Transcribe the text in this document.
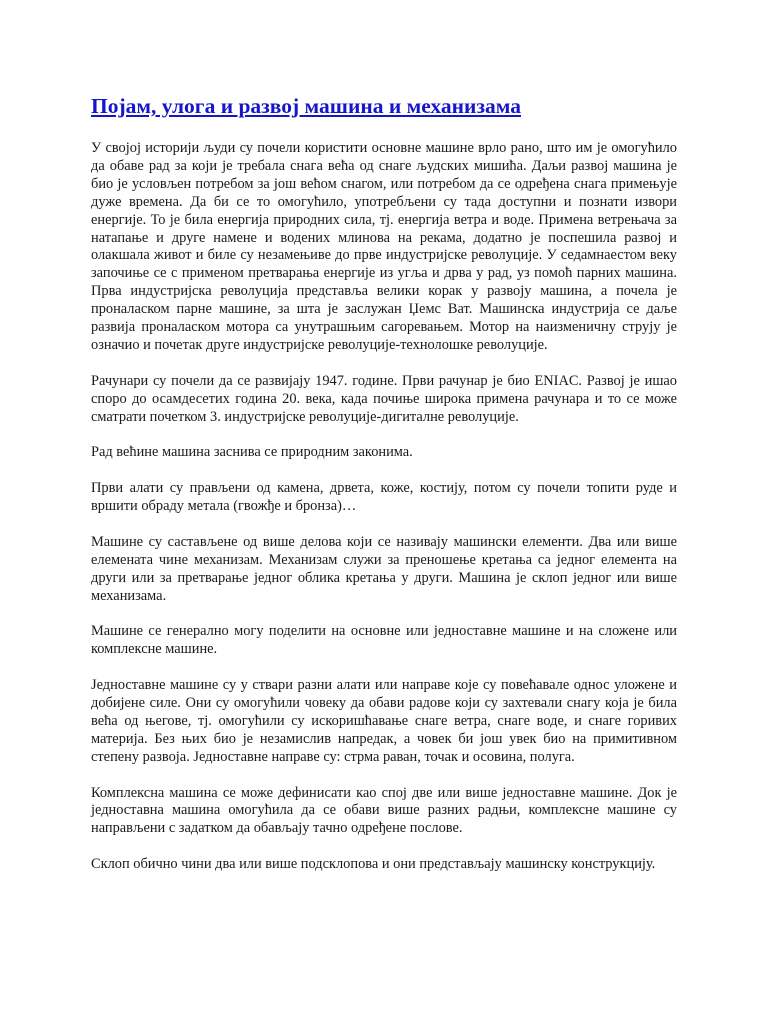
Појам, улога и развој машина и механизама

У својој историји људи су почели користити основне машине врло рано, што им је омогућило да обаве рад за који је требала снага већа од снаге људских мишића. Даљи развој машина је био је условљен потребом за још већом снагом, или потребом да се одређена снага примењује дуже времена. Да би се то омогућило, употребљени су тада доступни и познати извори енергије. То је била енергија природних сила, тј. енергија ветра и воде. Примена ветрењача за натапање и друге намене и водених млинова на рекама, додатно је поспешила развој и олакшала живот и биле су незамењиве до прве индустријске револуције. У седамнаестом веку започиње се с применом претварања енергије из угља и дрва у рад, уз помоћ парних машина. Прва индустријска револуција представља велики корак у развоју машина, а почела је проналаском парне машине, за шта је заслужан Џемс Ват. Машинска индустрија се даље развија проналаском мотора са унутрашњим сагоревањем. Мотор на наизменичну струју је означио и почетак друге индустријске револуције-технолошке револуције.

Рачунари су почели да се развијају 1947. године. Први рачунар је био ENIAC. Развој је ишао споро до осамдесетих година 20. века, када почиње широка примена рачунара и то се може сматрати почетком 3. индустријске револуције-дигиталне револуције.

Рад већине машина заснива се природним законима.

Први алати су прављени од камена, дрвета, коже, костију, потом су почели топити руде и вршити обраду метала (гвожђе и бронза)…

Машине су састављене од више делова који се називају машински елементи. Два или више елемената чине механизам. Механизам служи за преношење кретања са једног елемента на други или за претварање једног облика кретања у други. Машина је склоп једног или више механизама.

Машине се генерално могу поделити на основне или једноставне машине и на сложене или комплексне машине.

Једноставне машине су у ствари разни алати или направе које су повећавале однос уложене и добијене силе. Они су омогућили човеку да обави радове који су захтевали снагу која је била већа од његове, тј. омогућили су искоришћавање снаге ветра, снаге воде, и снаге горивих материја. Без њих био је незамислив напредак, а човек би још увек био на примитивном степену развоја. Једноставне направе су: стрма раван, точак и осовина, полуга.

Комплексна машина се може дефинисати као спој две или више једноставне машине. Док је једноставна машина омогућила да се обави више разних радњи, комплексне машине су направљени с задатком да обављају тачно одређене послове.

Склоп обично чини два или више подсклопова и они представљају машинску конструкцију.
